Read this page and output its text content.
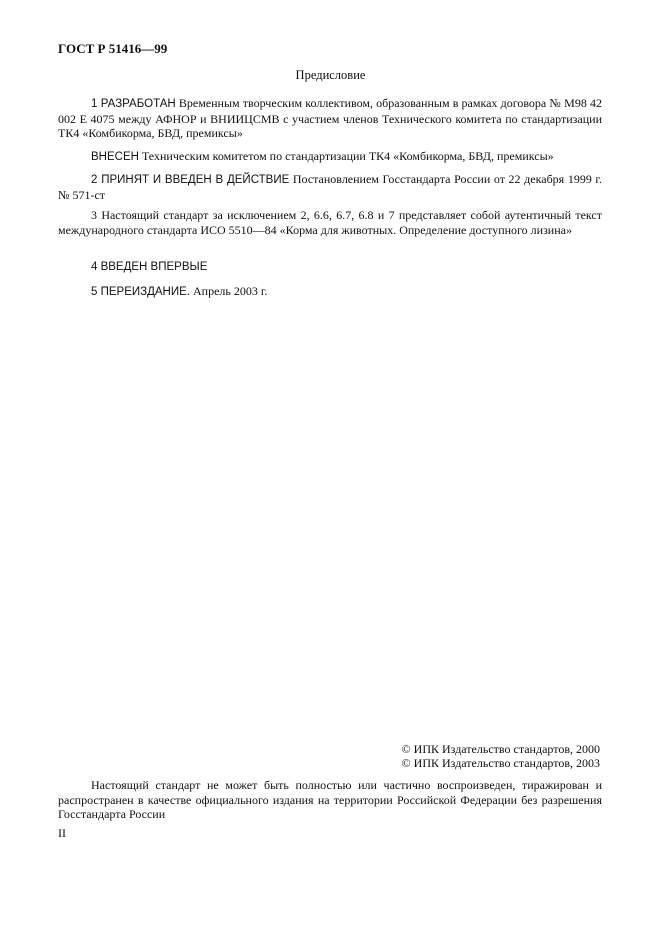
ГОСТ Р 51416—99
Предисловие
1 РАЗРАБОТАН Временным творческим коллективом, образованным в рамках договора № М98 42 002 Е 4075 между АФНОР и ВНИИЦСМВ с участием членов Технического комитета по стандартизации ТК4 «Комбикорма, БВД, премиксы»
ВНЕСЕН Техническим комитетом по стандартизации ТК4 «Комбикорма, БВД, премиксы»
2 ПРИНЯТ И ВВЕДЕН В ДЕЙСТВИЕ Постановлением Госстандарта России от 22 декабря 1999 г. № 571-ст
3 Настоящий стандарт за исключением 2, 6.6, 6.7, 6.8 и 7 представляет собой аутентичный текст международного стандарта ИСО 5510—84 «Корма для животных. Определение доступного лизина»
4 ВВЕДЕН ВПЕРВЫЕ
5 ПЕРЕИЗДАНИЕ. Апрель 2003 г.
© ИПК Издательство стандартов, 2000
© ИПК Издательство стандартов, 2003
Настоящий стандарт не может быть полностью или частично воспроизведен, тиражирован и распространен в качестве официального издания на территории Российской Федерации без разрешения Госстандарта России
II
